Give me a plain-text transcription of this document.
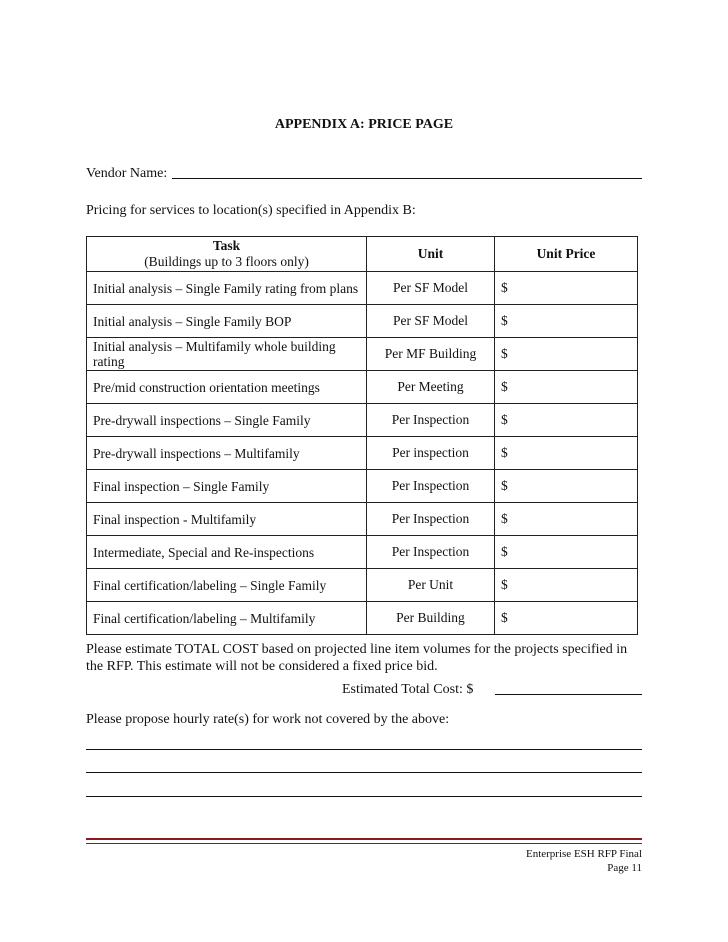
APPENDIX A: PRICE PAGE
Vendor Name:
Pricing for services to location(s) specified in Appendix B:
Task
(Buildings up to 3 floors only)	Unit	Unit Price
Initial analysis – Single Family rating from plans	Per SF Model	$
Initial analysis – Single Family BOP	Per SF Model	$
Initial analysis – Multifamily whole building rating	Per MF Building	$
Pre/mid construction orientation meetings	Per Meeting	$
Pre-drywall inspections – Single Family	Per Inspection	$
Pre-drywall inspections – Multifamily	Per inspection	$
Final inspection – Single Family	Per Inspection	$
Final inspection - Multifamily	Per Inspection	$
Intermediate, Special and Re-inspections	Per Inspection	$
Final certification/labeling – Single Family	Per Unit	$
Final certification/labeling – Multifamily	Per Building	$
Please estimate TOTAL COST based on projected line item volumes for the projects specified in the RFP. This estimate will not be considered a fixed price bid.
Estimated Total Cost: $
Please propose hourly rate(s) for work not covered by the above:
Enterprise ESH RFP Final
Page 11
